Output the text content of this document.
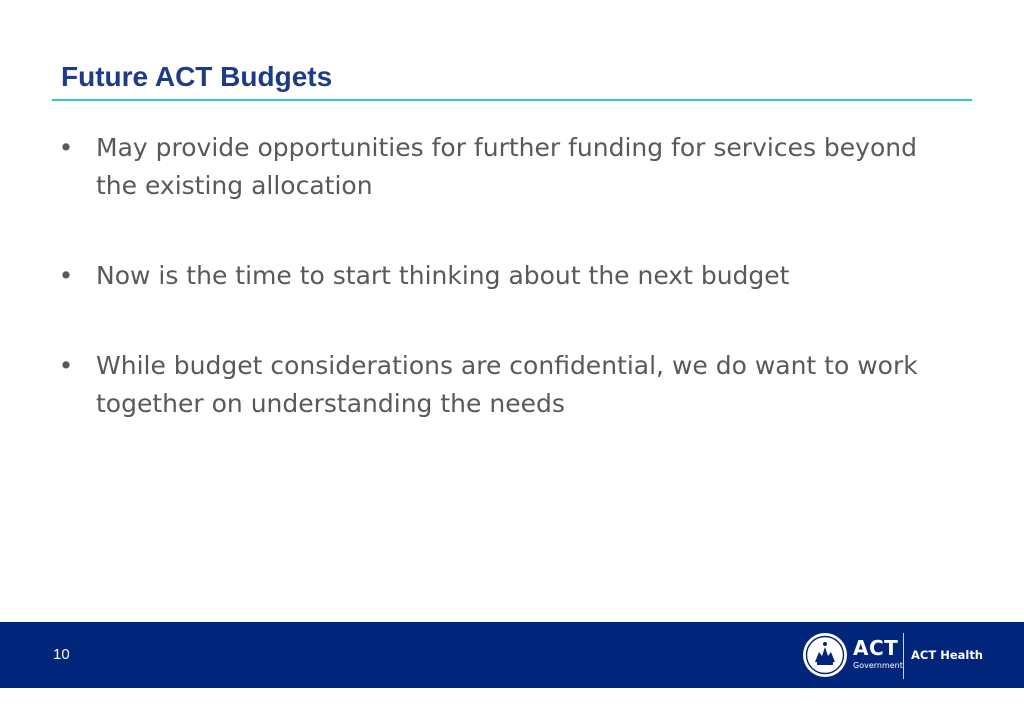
Future ACT Budgets
• May provide opportunities for further funding for services beyond the existing allocation
• Now is the time to start thinking about the next budget
• While budget considerations are confidential, we do want to work together on understanding the needs
10	ACT
Government
ACT Health
